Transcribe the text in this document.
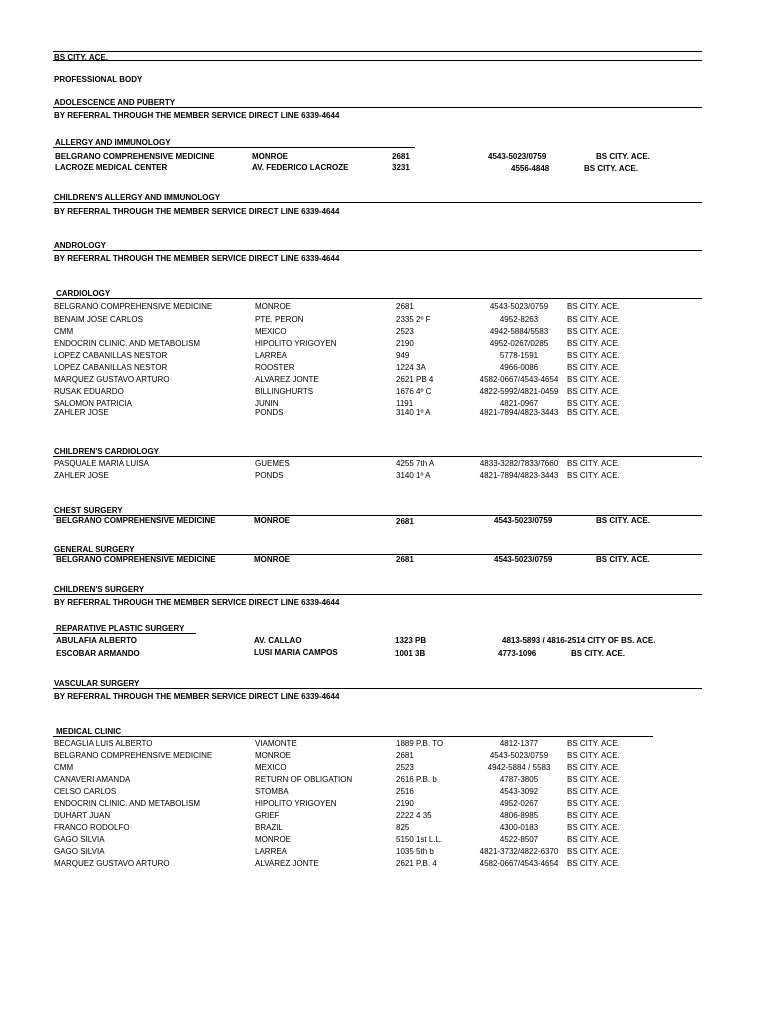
BS CITY. ACE.
PROFESSIONAL BODY
ADOLESCENCE AND PUBERTY
BY REFERRAL THROUGH THE MEMBER SERVICE DIRECT LINE 6339-4644
ALLERGY AND IMMUNOLOGY
BELGRANO COMPREHENSIVE MEDICINE	MONROE	2681	4543-5023/0759	BS CITY. ACE.
LACROZE MEDICAL CENTER	AV. FEDERICO LACROZE	3231	4556-4848	BS CITY. ACE.
CHILDREN'S ALLERGY AND IMMUNOLOGY
BY REFERRAL THROUGH THE MEMBER SERVICE DIRECT LINE 6339-4644
ANDROLOGY
BY REFERRAL THROUGH THE MEMBER SERVICE DIRECT LINE 6339-4644
CARDIOLOGY
BELGRANO COMPREHENSIVE MEDICINE	MONROE	2681	4543-5023/0759	BS CITY. ACE.
BENAIM JOSE CARLOS	PTE. PERON	2335 2º F	4952-8263	BS CITY. ACE.
CMM	MEXICO	2523	4942-5884/5583	BS CITY. ACE.
ENDOCRIN CLINIC. AND METABOLISM	HIPOLITO YRIGOYEN	2190	4952-0267/0285	BS CITY. ACE.
LOPEZ CABANILLAS NESTOR	LARREA	949	5778-1591	BS CITY. ACE.
LOPEZ CABANILLAS NESTOR	ROOSTER	1224 3A	4966-0086	BS CITY. ACE.
MARQUEZ GUSTAVO ARTURO	ALVAREZ JONTE	2621 PB 4	4582-0667/4543-4654	BS CITY. ACE.
RUSAK EDUARDO	BILLINGHURTS	1676 4º C	4822-5992/4821-0459	BS CITY. ACE.
SALOMON PATRICIA	JUNIN	1191	4821-0967	BS CITY. ACE.
ZAHLER JOSE	PONDS	3140 1º A	4821-7894/4823-3443	BS CITY. ACE.
CHILDREN'S CARDIOLOGY
PASQUALE MARIA LUISA	GUEMES	4255 7th A	4833-3282/7833/7660	BS CITY. ACE.
ZAHLER JOSE	PONDS	3140 1º A	4821-7894/4823-3443	BS CITY. ACE.
CHEST SURGERY
BELGRANO COMPREHENSIVE MEDICINE	MONROE	2681	4543-5023/0759	BS CITY. ACE.
GENERAL SURGERY
BELGRANO COMPREHENSIVE MEDICINE	MONROE	2681	4543-5023/0759	BS CITY. ACE.
CHILDREN'S SURGERY
BY REFERRAL THROUGH THE MEMBER SERVICE DIRECT LINE 6339-4644
REPARATIVE PLASTIC SURGERY
ABULAFIA ALBERTO	AV. CALLAO	1323 PB	4813-5893 / 4816-2514 CITY OF BS. ACE.
ESCOBAR ARMANDO	LUSI MARIA CAMPOS	1001 3B	4773-1096	BS CITY. ACE.
VASCULAR SURGERY
BY REFERRAL THROUGH THE MEMBER SERVICE DIRECT LINE 6339-4644
MEDICAL CLINIC
BECAGLIA LUIS ALBERTO	VIAMONTE	1889 P.B. TO	4812-1377	BS CITY. ACE.
BELGRANO COMPREHENSIVE MEDICINE	MONROE	2681	4543-5023/0759	BS CITY. ACE.
CMM	MEXICO	2523	4942-5884 / 5583	BS CITY. ACE.
CANAVERI AMANDA	RETURN OF OBLIGATION	2616 P.B. b	4787-3805	BS CITY. ACE.
CELSO CARLOS	STOMBA	2516	4543-3092	BS CITY. ACE.
ENDOCRIN CLINIC. AND METABOLISM	HIPOLITO YRIGOYEN	2190	4952-0267	BS CITY. ACE.
DUHART JUAN	GRIEF	2222 4 35	4806-8985	BS CITY. ACE.
FRANCO RODOLFO	BRAZIL	825	4300-0183	BS CITY. ACE.
GAGO SILVIA	MONROE	5150 1st L.L.	4522-8507	BS CITY. ACE.
GAGO SILVIA	LARREA	1035 5th b	4821-3732/4822-6370	BS CITY. ACE.
MARQUEZ GUSTAVO ARTURO	ALVAREZ JONTE	2621 P.B. 4	4582-0667/4543-4654	BS CITY. ACE.
